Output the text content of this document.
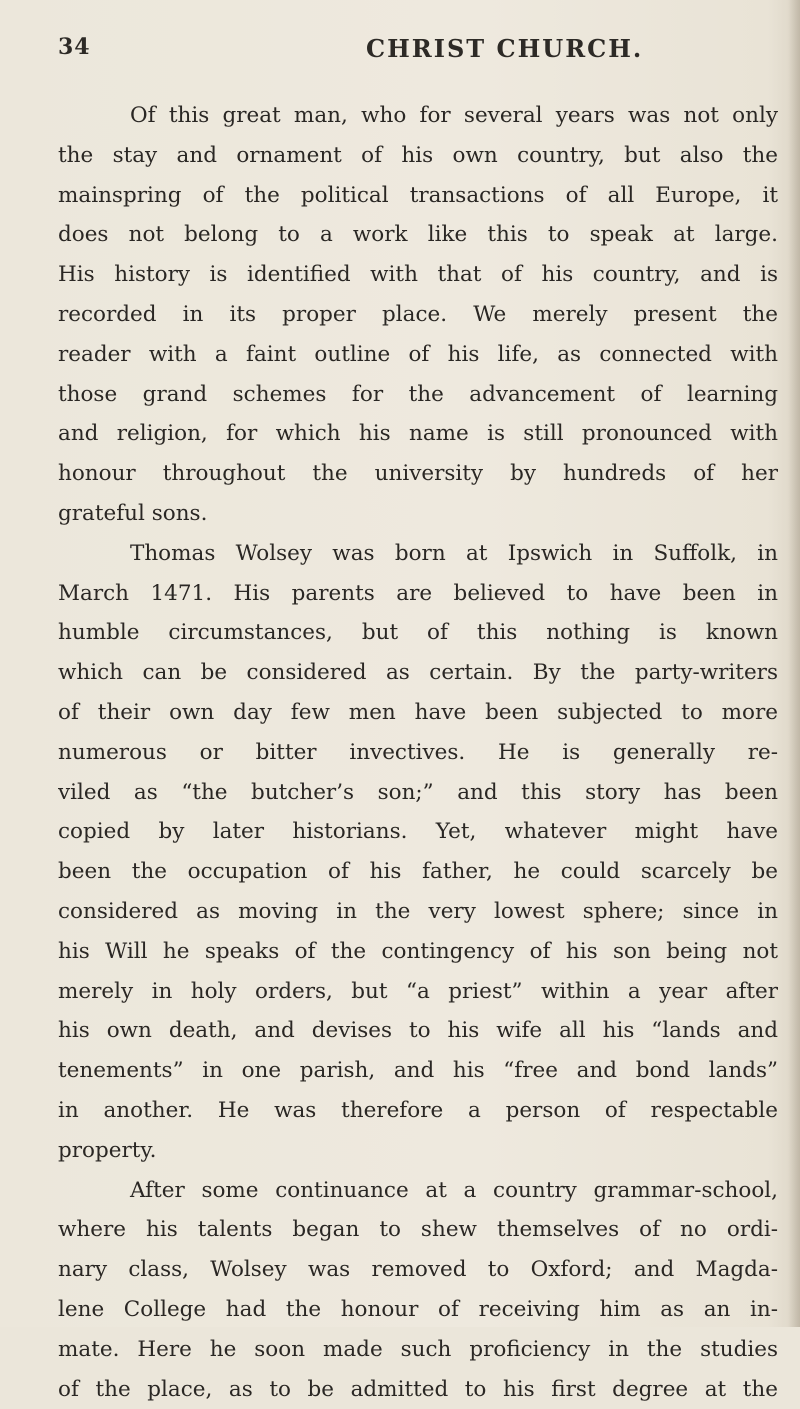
34	CHRIST CHURCH.
Of this great man, who for several years was not only
the stay and ornament of his own country, but also the
mainspring of the political transactions of all Europe, it
does not belong to a work like this to speak at large.
His history is identified with that of his country, and is
recorded in its proper place. We merely present the
reader with a faint outline of his life, as connected with
those grand schemes for the advancement of learning
and religion, for which his name is still pronounced with
honour throughout the university by hundreds of her
grateful sons.
Thomas Wolsey was born at Ipswich in Suffolk, in
March 1471. His parents are believed to have been in
humble circumstances, but of this nothing is known
which can be considered as certain. By the party-writers
of their own day few men have been subjected to more
numerous or bitter invectives. He is generally re-
viled as “the butcher’s son;” and this story has been
copied by later historians. Yet, whatever might have
been the occupation of his father, he could scarcely be
considered as moving in the very lowest sphere; since in
his Will he speaks of the contingency of his son being not
merely in holy orders, but “a priest” within a year after
his own death, and devises to his wife all his “lands and
tenements” in one parish, and his “free and bond lands”
in another. He was therefore a person of respectable
property.
After some continuance at a country grammar-school,
where his talents began to shew themselves of no ordi-
nary class, Wolsey was removed to Oxford; and Magda-
lene College had the honour of receiving him as an in-
mate. Here he soon made such proficiency in the studies
of the place, as to be admitted to his first degree at the
